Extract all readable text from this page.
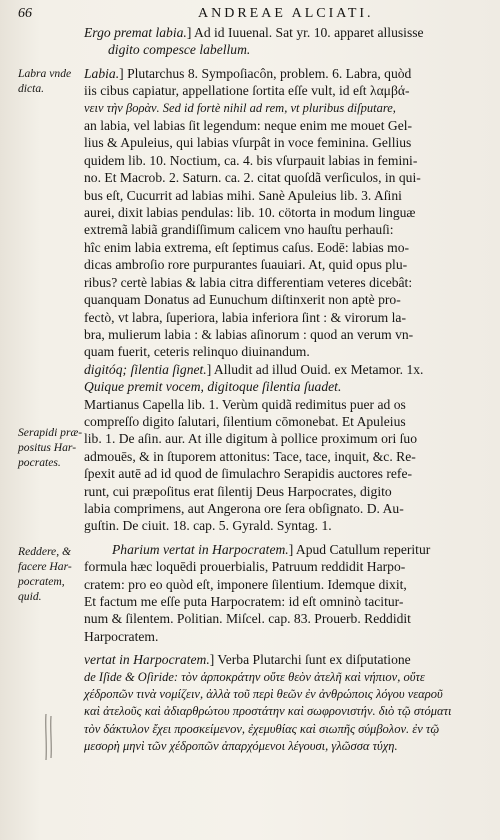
66	ANDREAE ALCIATI.
Labra vnde
dicta.
Serapidi præ-
positus Har-
pocrates.
Reddere, &
facere Har-
pocratem,
quid.

Ergo premat labia.] Ad id Iuuenal. Sat yr. 10. apparet allusisse

digito compesce labellum.

Labia.] Plutarchus 8. Sympoſiacôn, problem. 6. Labra, quòd

iis cibus capiatur, appellatione ſortita eſſe vult, id eſt λαμβά-

νειν τὴν βορὰν. Sed id fortè nihil ad rem, vt pluribus diſputare,

an labia, vel labias ſit legendum: neque enim me mouet Gel-

lius & Apuleius, qui labias vſurpât in voce feminina. Gellius

quidem lib. 10. Noctium, ca. 4. bis vſurpauit labias in femini-

no. Et Macrob. 2. Saturn. ca. 2. citat quoſdã verſiculos, in qui-

bus eſt, Cucurrit ad labias mihi. Sanè Apuleius lib. 3. Aſini

aurei, dixit labias pendulas: lib. 10. cötorta in modum linguæ

extremã labiã grandiſſimum calicem vno hauſtu perhauſi:

hîc enim labia extrema, eſt ſeptimus caſus. Eodē: labias mo-

dicas ambroſio rore purpurantes ſuauiari. At, quid opus plu-

ribus? certè labias & labia citra differentiam veteres dicebât:

quanquam Donatus ad Eunuchum diſtinxerit non aptè pro-

fectò, vt labra, ſuperiora, labia inferiora ſint : & virorum la-

bra, mulierum labia : & labias aſinorum : quod an verum vn-

quam fuerit, ceteris relinquo diuinandum.

digitóq; ſilentia ſignet.] Alludit ad illud Ouid. ex Metamor. 1x.

Quique premit vocem, digitoque ſilentia ſuadet.

Martianus Capella lib. 1. Verùm quidã redimitus puer ad os

compreſſo digito ſalutari, ſilentium cōmonebat. Et Apuleius

lib. 1. De aſin. aur. At ille digitum à pollice proximum ori ſuo

admouēs, & in ſtuporem attonitus: Tace, tace, inquit, &c. Re-

ſpexit autē ad id quod de ſimulachro Serapidis auctores refe-

runt, cui præpoſitus erat ſilentij Deus Harpocrates, digito

labia comprimens, aut Angerona ore ſera obſignato. D. Au-

guſtin. De ciuit. 18. cap. 5. Gyrald. Syntag. 1.

Pharium vertat in Harpocratem.] Apud Catullum reperitur

formula hæc loquēdi prouerbialis, Patruum reddidit Harpo-

cratem: pro eo quòd eſt, imponere ſilentium. Idemque dixit,

Et factum me eſſe puta Harpocratem: id eſt omninò tacitur-

num & ſilentem. Politian. Miſcel. cap. 83. Prouerb. Reddidit

Harpocratem.

vertat in Harpocratem.] Verba Plutarchi ſunt ex diſputatione

de Iſide & Oſiride: τὸν ἁρποκράτην οὔτε θεὸν ἀτελῆ καὶ νήπιον, οὔτε

χέδροπῶν τινὰ νομίζειν, ἀλλὰ τοῦ περὶ θεῶν ἐν ἀνθρώποις λόγου νεαροῦ

καὶ ἀτελοῦς καὶ ἀδιαρθρώτου προστάτην καὶ σωφρονιστήν. διὸ τῷ στόματι

τὸν δάκτυλον ἔχει προσκείμενον, ἐχεμυθίας καὶ σιωπῆς σύμβολον. ἐν τῷ

μεσορὴ μηνὶ τῶν χέδροπῶν ἀπαρχόμενοι λέγουσι, γλῶσσα τύχη.
